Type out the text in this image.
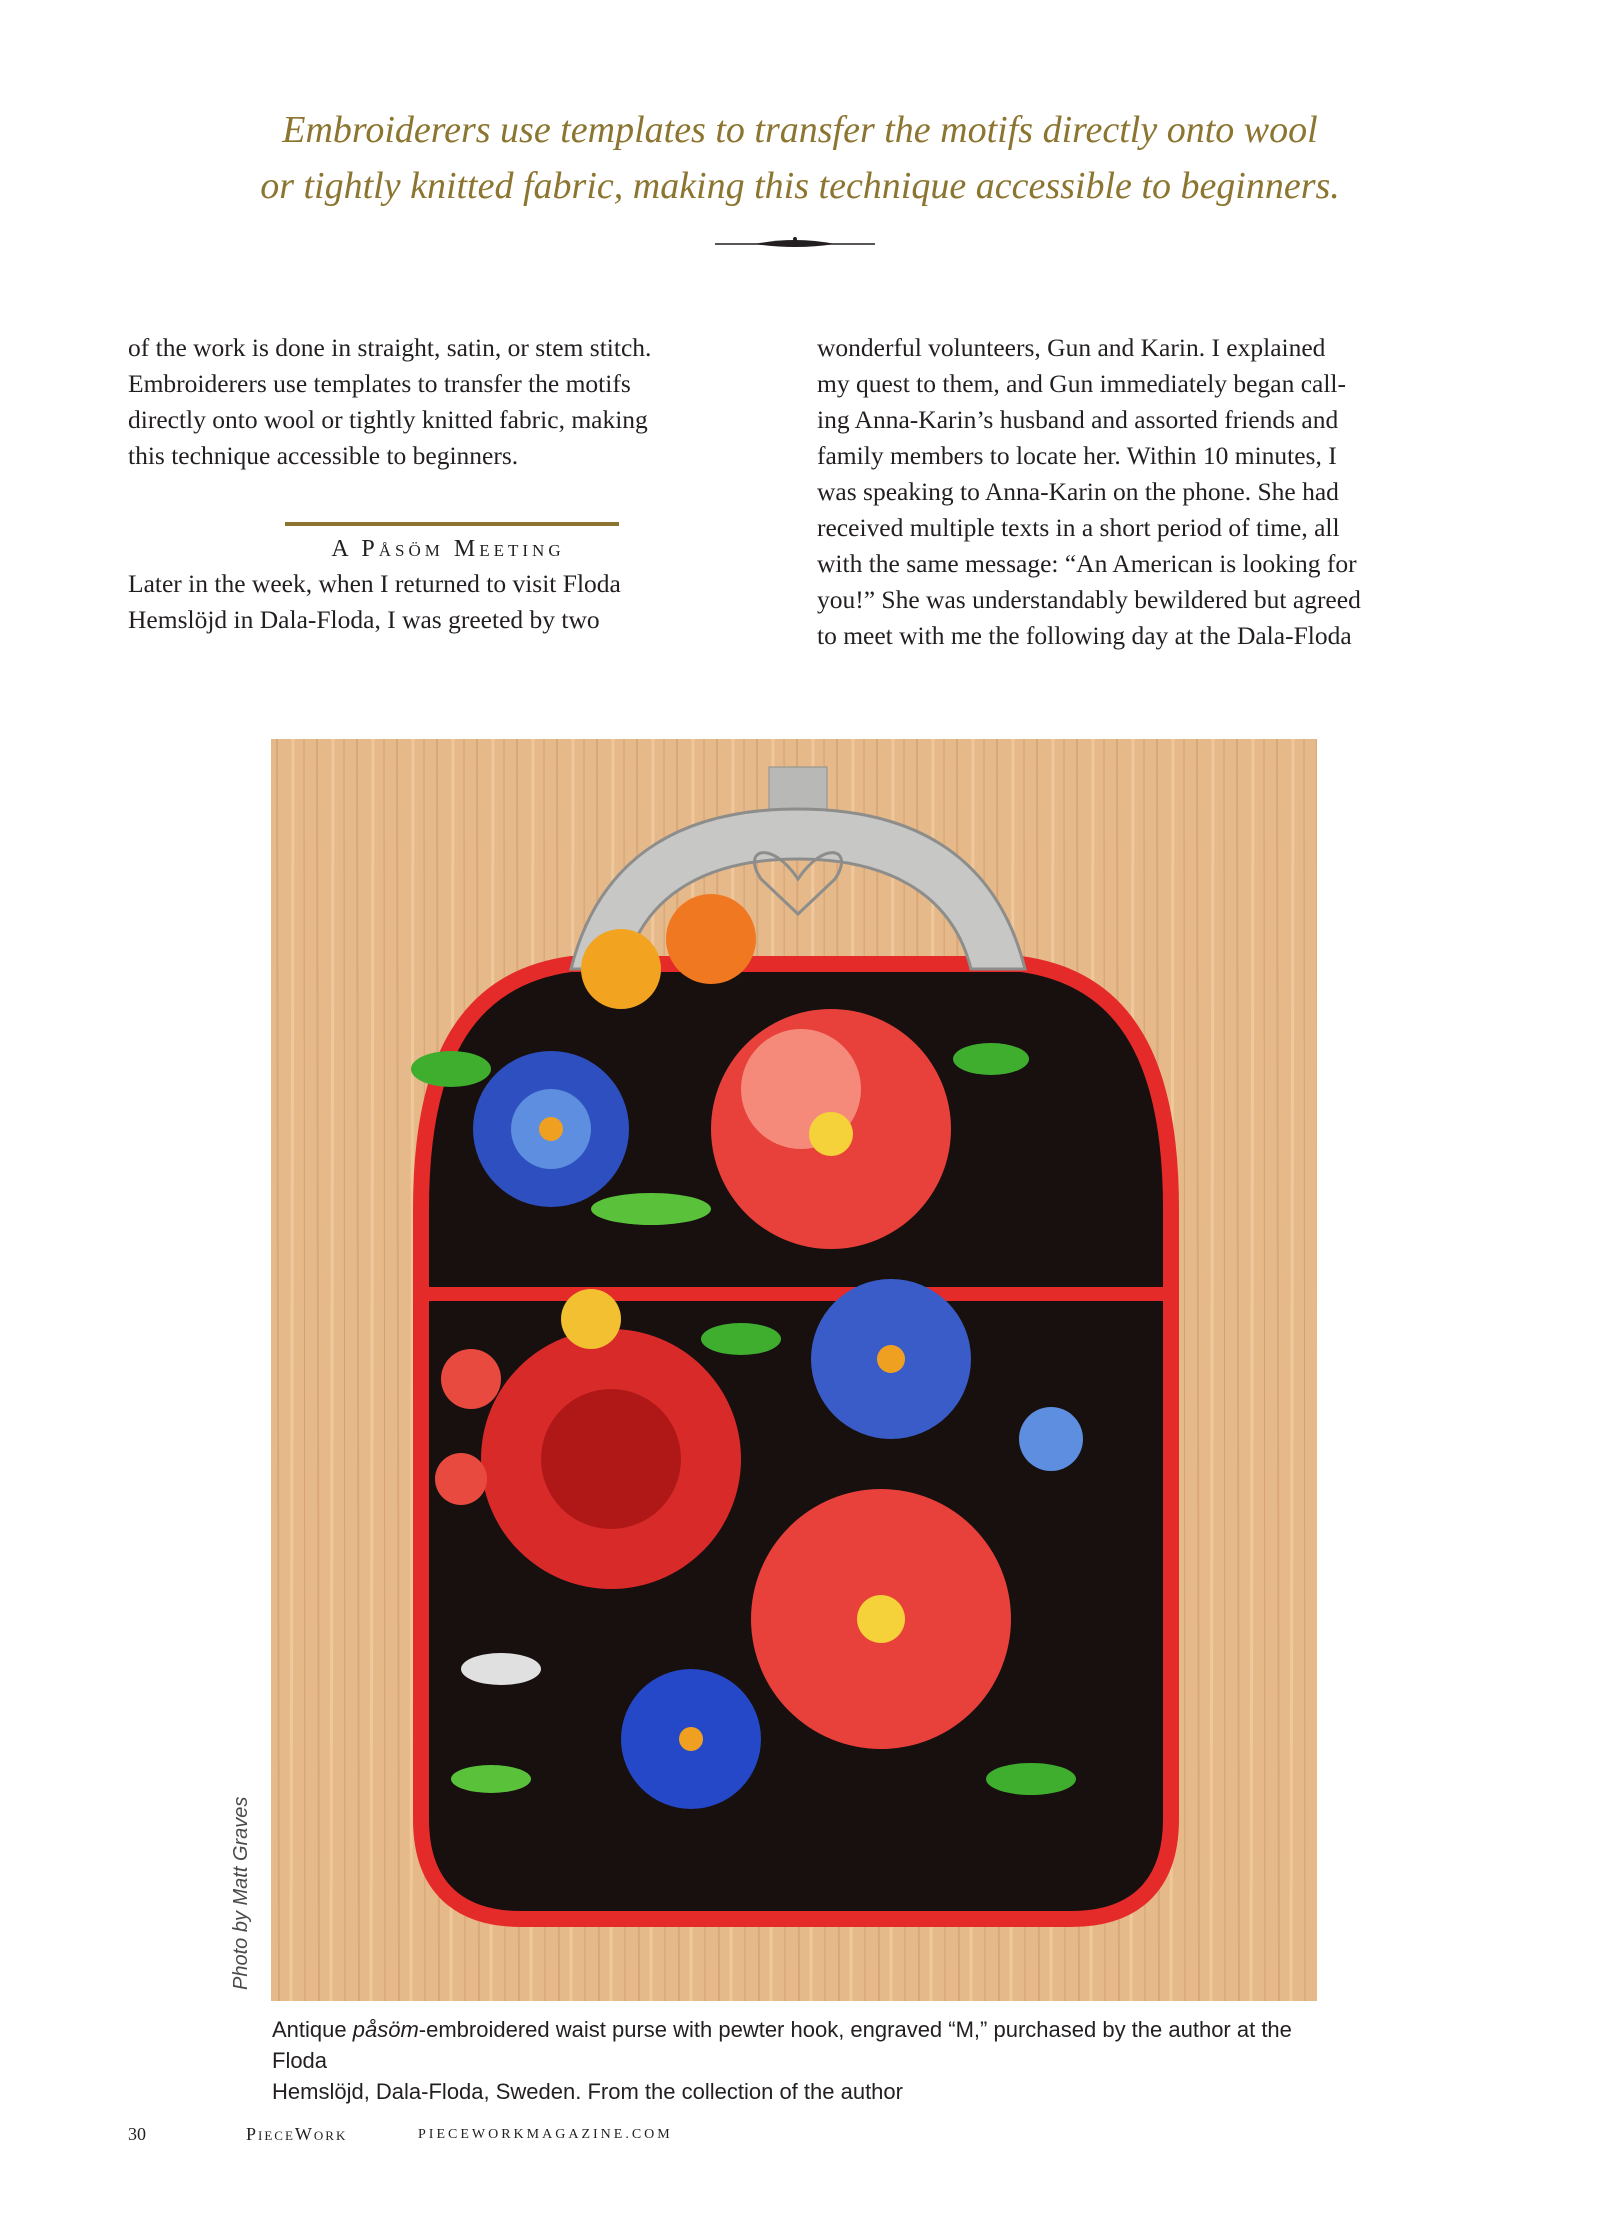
Embroiderers use templates to transfer the motifs directly onto wool
or tightly knitted fabric, making this technique accessible to beginners.

of the work is done in straight, satin, or stem stitch.

Embroiderers use templates to transfer the motifs

directly onto wool or tightly knitted fabric, making

this technique accessible to beginners.

A Påsöm Meeting

Later in the week, when I returned to visit Floda

Hemslöjd in Dala-Floda, I was greeted by two

wonderful volunteers, Gun and Karin. I explained

my quest to them, and Gun immediately began call-

ing Anna-Karin’s husband and assorted friends and

family members to locate her. Within 10 minutes, I

was speaking to Anna-Karin on the phone. She had

received multiple texts in a short period of time, all

with the same message: “An American is looking for

you!” She was understandably bewildered but agreed

to meet with me the following day at the Dala-Floda

Photo by Matt Graves
Antique påsöm-embroidered waist purse with pewter hook, engraved “M,” purchased by the author at the Floda
Hemslöjd, Dala-Floda, Sweden. From the collection of the author
30	PieceWork	PIECEWORKMAGAZINE.COM
